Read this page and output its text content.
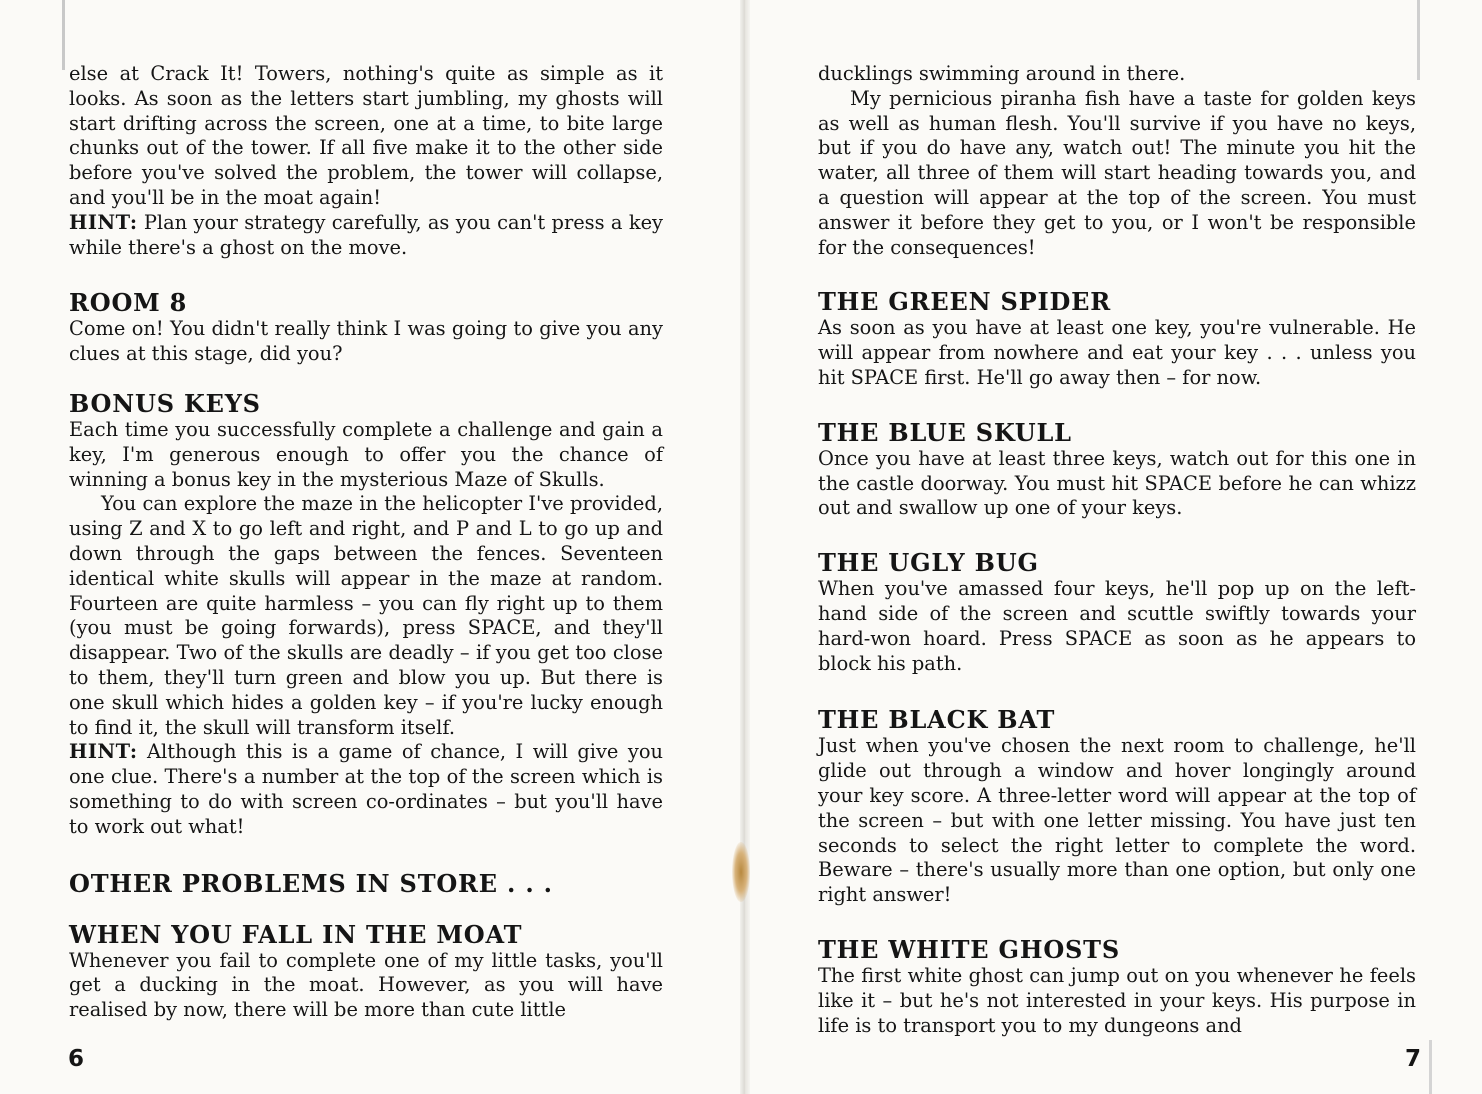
else at Crack It! Towers, nothing's quite as simple as it looks. As soon as the letters start jumbling, my ghosts will start drifting across the screen, one at a time, to bite large chunks out of the tower. If all five make it to the other side before you've solved the problem, the tower will collapse, and you'll be in the moat again!

HINT: Plan your strategy carefully, as you can't press a key while there's a ghost on the move.

ROOM 8

Come on! You didn't really think I was going to give you any clues at this stage, did you?

BONUS KEYS

Each time you successfully complete a challenge and gain a key, I'm generous enough to offer you the chance of winning a bonus key in the mysterious Maze of Skulls.

You can explore the maze in the helicopter I've provided, using Z and X to go left and right, and P and L to go up and down through the gaps between the fences. Seventeen identical white skulls will appear in the maze at random. Fourteen are quite harmless – you can fly right up to them (you must be going forwards), press SPACE, and they'll disappear. Two of the skulls are deadly – if you get too close to them, they'll turn green and blow you up. But there is one skull which hides a golden key – if you're lucky enough to find it, the skull will transform itself.

HINT: Although this is a game of chance, I will give you one clue. There's a number at the top of the screen which is something to do with screen co-ordinates – but you'll have to work out what!

OTHER PROBLEMS IN STORE . . .
WHEN YOU FALL IN THE MOAT

Whenever you fail to complete one of my little tasks, you'll get a ducking in the moat. However, as you will have realised by now, there will be more than cute little

6

ducklings swimming around in there.

My pernicious piranha fish have a taste for golden keys as well as human flesh. You'll survive if you have no keys, but if you do have any, watch out! The minute you hit the water, all three of them will start heading towards you, and a question will appear at the top of the screen. You must answer it before they get to you, or I won't be responsible for the consequences!

THE GREEN SPIDER

As soon as you have at least one key, you're vulnerable. He will appear from nowhere and eat your key . . . unless you hit SPACE first. He'll go away then – for now.

THE BLUE SKULL

Once you have at least three keys, watch out for this one in the castle doorway. You must hit SPACE before he can whizz out and swallow up one of your keys.

THE UGLY BUG

When you've amassed four keys, he'll pop up on the left-hand side of the screen and scuttle swiftly towards your hard-won hoard. Press SPACE as soon as he appears to block his path.

THE BLACK BAT

Just when you've chosen the next room to challenge, he'll glide out through a window and hover longingly around your key score. A three-letter word will appear at the top of the screen – but with one letter missing. You have just ten seconds to select the right letter to complete the word. Beware – there's usually more than one option, but only one right answer!

THE WHITE GHOSTS

The first white ghost can jump out on you whenever he feels like it – but he's not interested in your keys. His purpose in life is to transport you to my dungeons and

7
